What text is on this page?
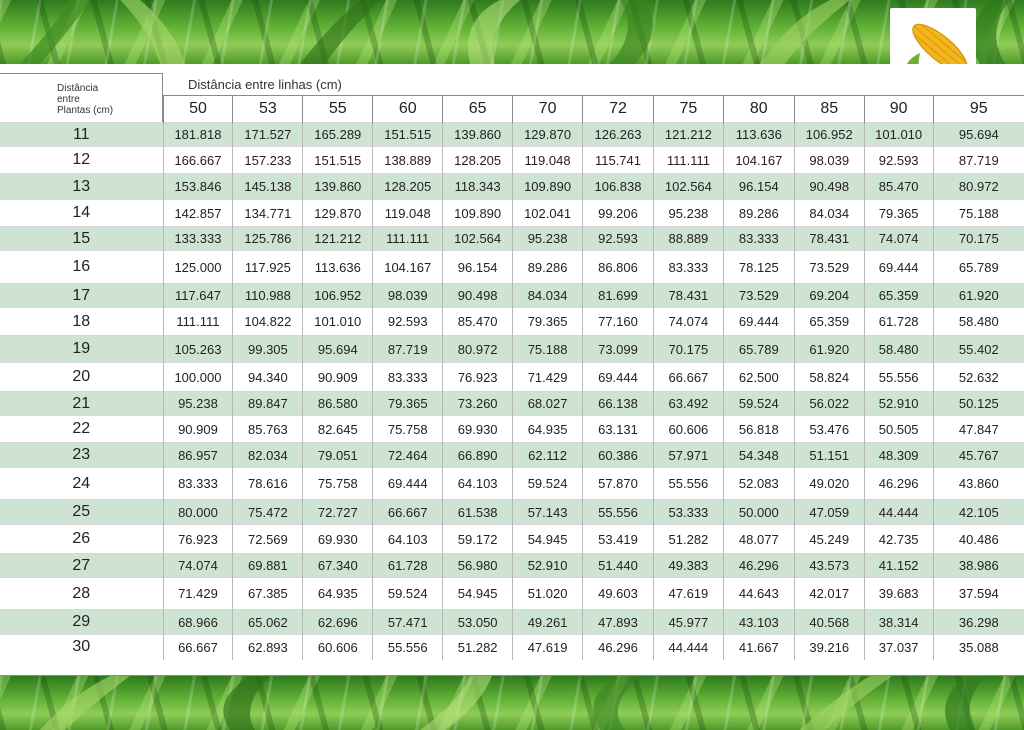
Distância
entre
Plantas (cm)
Distância entre linhas (cm)
	50	53	55	60	65	70	72	75	80	85	90	95
11	181.818	171.527	165.289	151.515	139.860	129.870	126.263	121.212	113.636	106.952	101.010	95.694
12	166.667	157.233	151.515	138.889	128.205	119.048	115.741	111.111	104.167	98.039	92.593	87.719
13	153.846	145.138	139.860	128.205	118.343	109.890	106.838	102.564	96.154	90.498	85.470	80.972
14	142.857	134.771	129.870	119.048	109.890	102.041	99.206	95.238	89.286	84.034	79.365	75.188
15	133.333	125.786	121.212	111.111	102.564	95.238	92.593	88.889	83.333	78.431	74.074	70.175
16	125.000	117.925	113.636	104.167	96.154	89.286	86.806	83.333	78.125	73.529	69.444	65.789
17	117.647	110.988	106.952	98.039	90.498	84.034	81.699	78.431	73.529	69.204	65.359	61.920
18	111.111	104.822	101.010	92.593	85.470	79.365	77.160	74.074	69.444	65.359	61.728	58.480
19	105.263	99.305	95.694	87.719	80.972	75.188	73.099	70.175	65.789	61.920	58.480	55.402
20	100.000	94.340	90.909	83.333	76.923	71.429	69.444	66.667	62.500	58.824	55.556	52.632
21	95.238	89.847	86.580	79.365	73.260	68.027	66.138	63.492	59.524	56.022	52.910	50.125
22	90.909	85.763	82.645	75.758	69.930	64.935	63.131	60.606	56.818	53.476	50.505	47.847
23	86.957	82.034	79.051	72.464	66.890	62.112	60.386	57.971	54.348	51.151	48.309	45.767
24	83.333	78.616	75.758	69.444	64.103	59.524	57.870	55.556	52.083	49.020	46.296	43.860
25	80.000	75.472	72.727	66.667	61.538	57.143	55.556	53.333	50.000	47.059	44.444	42.105
26	76.923	72.569	69.930	64.103	59.172	54.945	53.419	51.282	48.077	45.249	42.735	40.486
27	74.074	69.881	67.340	61.728	56.980	52.910	51.440	49.383	46.296	43.573	41.152	38.986
28	71.429	67.385	64.935	59.524	54.945	51.020	49.603	47.619	44.643	42.017	39.683	37.594
29	68.966	65.062	62.696	57.471	53.050	49.261	47.893	45.977	43.103	40.568	38.314	36.298
30	66.667	62.893	60.606	55.556	51.282	47.619	46.296	44.444	41.667	39.216	37.037	35.088
